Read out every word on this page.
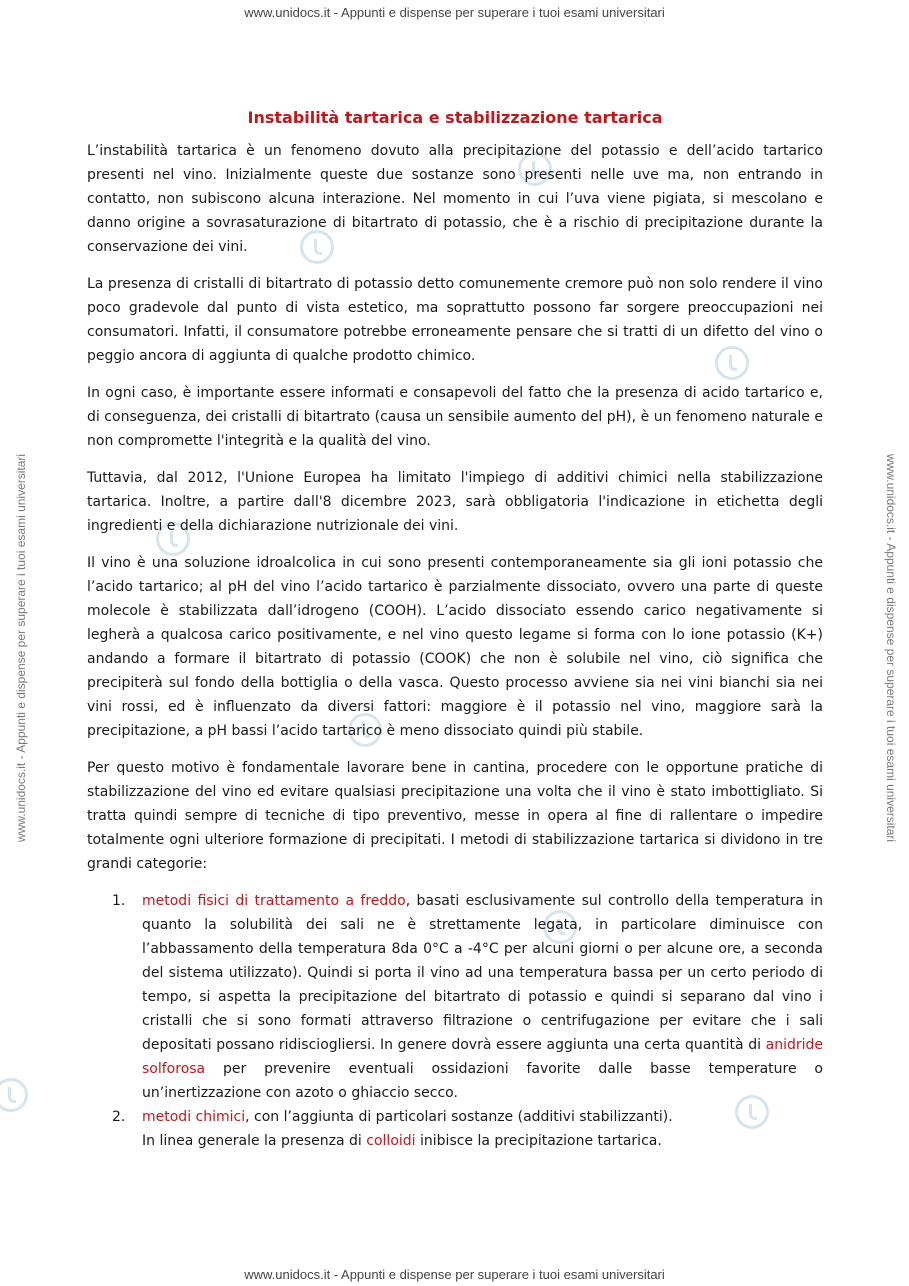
www.unidocs.it - Appunti e dispense per superare i tuoi esami universitari
www.unidocs.it - Appunti e dispense per superare i tuoi esami universitari
www.unidocs.it - Appunti e dispense per superare i tuoi esami universitari	www.unidocs.it - Appunti e dispense per superare i tuoi esami universitari
Instabilità tartarica e stabilizzazione tartarica

L’instabilità tartarica è un fenomeno dovuto alla precipitazione del potassio e dell’acido tartarico presenti nel vino. Inizialmente queste due sostanze sono presenti nelle uve ma, non entrando in contatto, non subiscono alcuna interazione. Nel momento in cui l’uva viene pigiata, si mescolano e danno origine a sovrasaturazione di bitartrato di potassio, che è a rischio di precipitazione durante la conservazione dei vini.

La presenza di cristalli di bitartrato di potassio detto comunemente cremore può non solo rendere il vino poco gradevole dal punto di vista estetico, ma soprattutto possono far sorgere preoccupazioni nei consumatori. Infatti, il consumatore potrebbe erroneamente pensare che si tratti di un difetto del vino o peggio ancora di aggiunta di qualche prodotto chimico.

In ogni caso, è importante essere informati e consapevoli del fatto che la presenza di acido tartarico e, di conseguenza, dei cristalli di bitartrato (causa un sensibile aumento del pH), è un fenomeno naturale e non compromette l'integrità e la qualità del vino.

Tuttavia, dal 2012, l'Unione Europea ha limitato l'impiego di additivi chimici nella stabilizzazione tartarica. Inoltre, a partire dall'8 dicembre 2023, sarà obbligatoria l'indicazione in etichetta degli ingredienti e della dichiarazione nutrizionale dei vini.

Il vino è una soluzione idroalcolica in cui sono presenti contemporaneamente sia gli ioni potassio che l’acido tartarico; al pH del vino l’acido tartarico è parzialmente dissociato, ovvero una parte di queste molecole è stabilizzata dall’idrogeno (COOH). L’acido dissociato essendo carico negativamente si legherà a qualcosa carico positivamente, e nel vino questo legame si forma con lo ione potassio (K+) andando a formare il bitartrato di potassio (COOK) che non è solubile nel vino, ciò significa che precipiterà sul fondo della bottiglia o della vasca. Questo processo avviene sia nei vini bianchi sia nei vini rossi, ed è influenzato da diversi fattori: maggiore è il potassio nel vino, maggiore sarà la precipitazione, a pH bassi l’acido tartarico è meno dissociato quindi più stabile.

Per questo motivo è fondamentale lavorare bene in cantina, procedere con le opportune pratiche di stabilizzazione del vino ed evitare qualsiasi precipitazione una volta che il vino è stato imbottigliato. Si tratta quindi sempre di tecniche di tipo preventivo, messe in opera al fine di rallentare o impedire totalmente ogni ulteriore formazione di precipitati. I metodi di stabilizzazione tartarica si dividono in tre grandi categorie:

1. metodi fisici di trattamento a freddo, basati esclusivamente sul controllo della temperatura in quanto la solubilità dei sali ne è strettamente legata, in particolare diminuisce con l’abbassamento della temperatura 8da 0°C a -4°C per alcuni giorni o per alcune ore, a seconda del sistema utilizzato). Quindi si porta il vino ad una temperatura bassa per un certo periodo di tempo, si aspetta la precipitazione del bitartrato di potassio e quindi si separano dal vino i cristalli che si sono formati attraverso filtrazione o centrifugazione per evitare che i sali depositati possano ridisciogliersi. In genere dovrà essere aggiunta una certa quantità di anidride solforosa per prevenire eventuali ossidazioni favorite dalle basse temperature o un’inertizzazione con azoto o ghiaccio secco.
2. metodi chimici, con l’aggiunta di particolari sostanze (additivi stabilizzanti).
In linea generale la presenza di colloidi inibisce la precipitazione tartarica.
